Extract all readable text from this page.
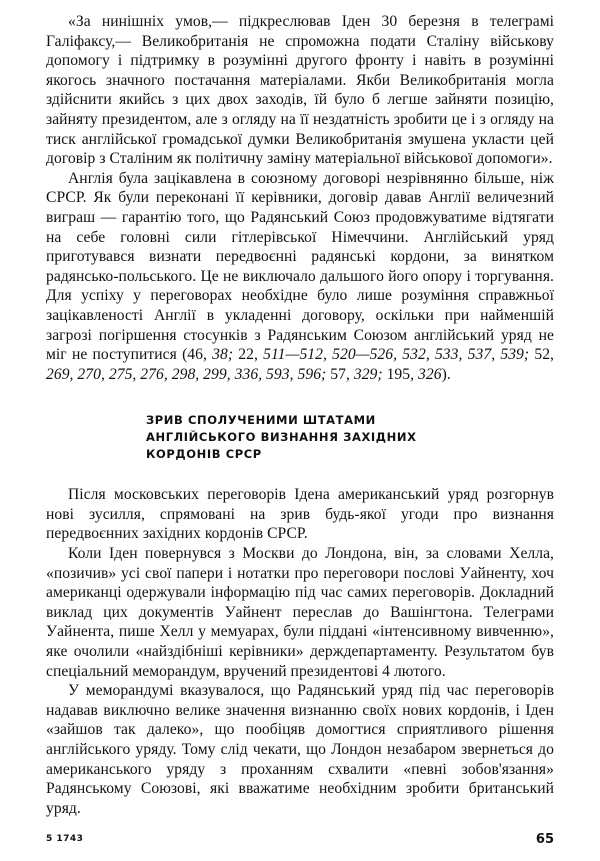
«За нинішніх умов,— підкреслював Іден 30 березня в телеграмі Галіфаксу,— Великобританія не спроможна подати Сталіну військову допомогу і підтримку в розумінні другого фронту і навіть в розумінні якогось значного постачання матеріалами. Якби Великобританія могла здійснити якийсь з цих двох заходів, їй було б легше зайняти позицію, зайняту президентом, але з огляду на її нездатність зробити це і з огляду на тиск англійської громадської думки Великобританія змушена укласти цей договір з Сталіним як політичну заміну матеріальної військової допомоги».

Англія була зацікавлена в союзному договорі незрівнянно більше, ніж СРСР. Як були переконані її керівники, договір давав Англії величезний виграш — гарантію того, що Радянський Союз продовжуватиме відтягати на себе головні сили гітлерівської Німеччини. Англійський уряд приготувався визнати передвоєнні радянські кордони, за винятком радянсько-польського. Це не виключало дальшого його опору і торгування. Для успіху у переговорах необхідне було лише розуміння справжньої зацікавленості Англії в укладенні договору, оскільки при найменшій загрозі погіршення стосунків з Радянським Союзом англійський уряд не міг не поступитися (46, 38; 22, 511—512, 520—526, 532, 533, 537, 539; 52, 269, 270, 275, 276, 298, 299, 336, 593, 596; 57, 329; 195, 326).

ЗРИВ СПОЛУЧЕНИМИ ШТАТАМИ
АНГЛІЙСЬКОГО ВИЗНАННЯ ЗАХІДНИХ
КОРДОНІВ СРСР

Після московських переговорів Ідена американський уряд розгорнув нові зусилля, спрямовані на зрив будь-якої угоди про визнання передвоєнних західних кордонів СРСР.

Коли Іден повернувся з Москви до Лондона, він, за словами Хелла, «позичив» усі свої папери і нотатки про переговори послові Уайненту, хоч американці одержували інформацію під час самих переговорів. Докладний виклад цих документів Уайнент переслав до Вашінгтона. Телеграми Уайнента, пише Хелл у мемуарах, були піддані «інтенсивному вивченню», яке очолили «найздібніші керівники» держдепартаменту. Результатом був спеціальний меморандум, вручений президентові 4 лютого.

У меморандумі вказувалося, що Радянський уряд під час переговорів надавав виключно велике значення визнанню своїх нових кордонів, і Іден «зайшов так далеко», що пообіцяв домогтися сприятливого рішення англійського уряду. Тому слід чекати, що Лондон незабаром звернеться до американського уряду з проханням схвалити «певні зобов'язання» Радянському Союзові, які вважатиме необхідним зробити британський уряд.

5 1743	65
